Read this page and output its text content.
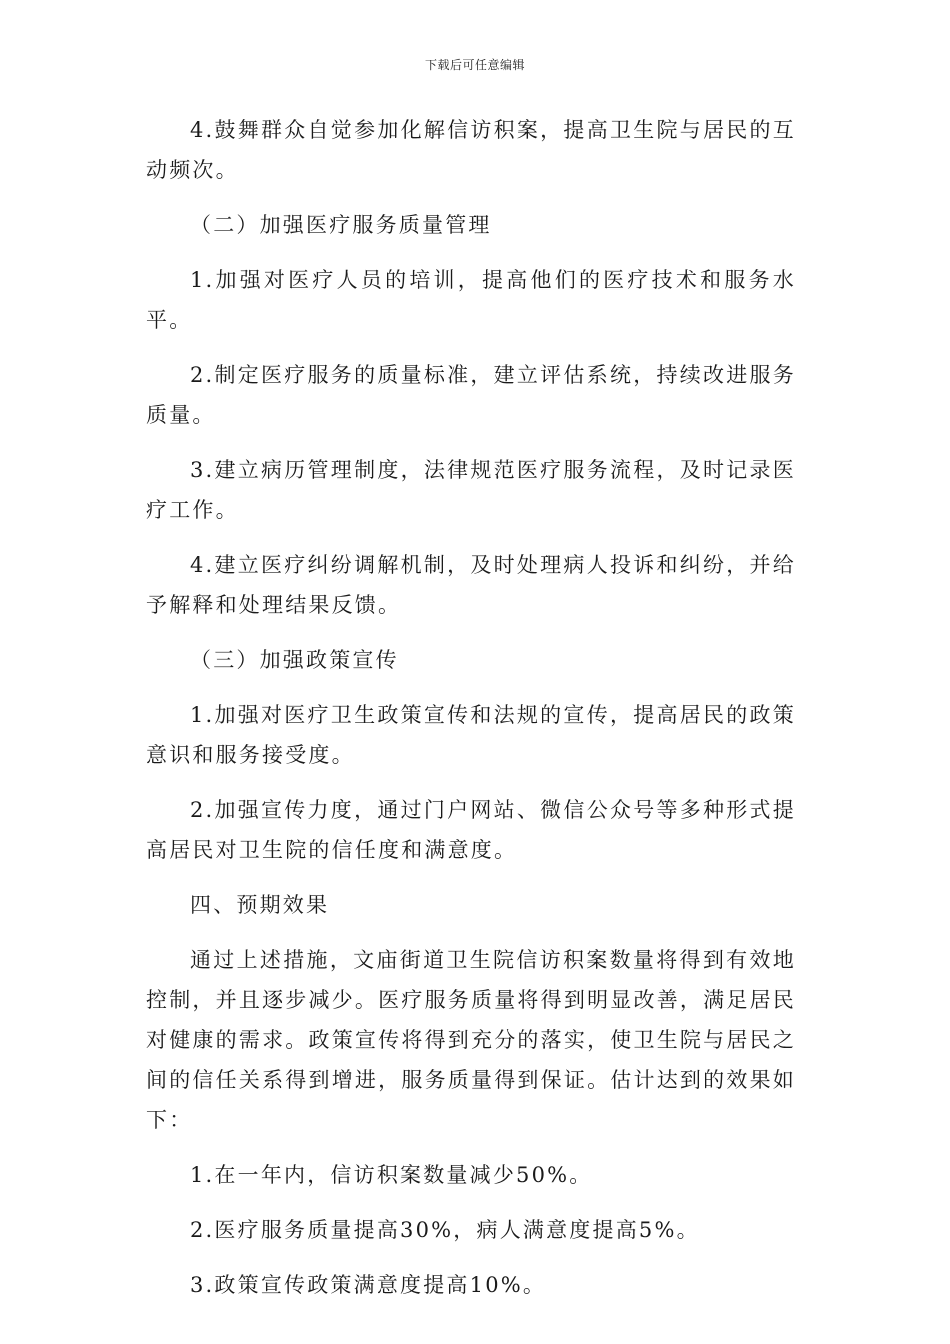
下载后可任意编辑

4.鼓舞群众自觉参加化解信访积案，提高卫生院与居民的互动频次。

（二）加强医疗服务质量管理

1.加强对医疗人员的培训，提高他们的医疗技术和服务水平。

2.制定医疗服务的质量标准，建立评估系统，持续改进服务质量。

3.建立病历管理制度，法律规范医疗服务流程，及时记录医疗工作。

4.建立医疗纠纷调解机制，及时处理病人投诉和纠纷，并给予解释和处理结果反馈。

（三）加强政策宣传

1.加强对医疗卫生政策宣传和法规的宣传，提高居民的政策意识和服务接受度。

2.加强宣传力度，通过门户网站、微信公众号等多种形式提高居民对卫生院的信任度和满意度。

四、预期效果

通过上述措施，文庙街道卫生院信访积案数量将得到有效地控制，并且逐步减少。医疗服务质量将得到明显改善，满足居民对健康的需求。政策宣传将得到充分的落实，使卫生院与居民之间的信任关系得到增进，服务质量得到保证。估计达到的效果如下：

1.在一年内，信访积案数量减少50%。

2.医疗服务质量提高30%，病人满意度提高5%。

3.政策宣传政策满意度提高10%。
